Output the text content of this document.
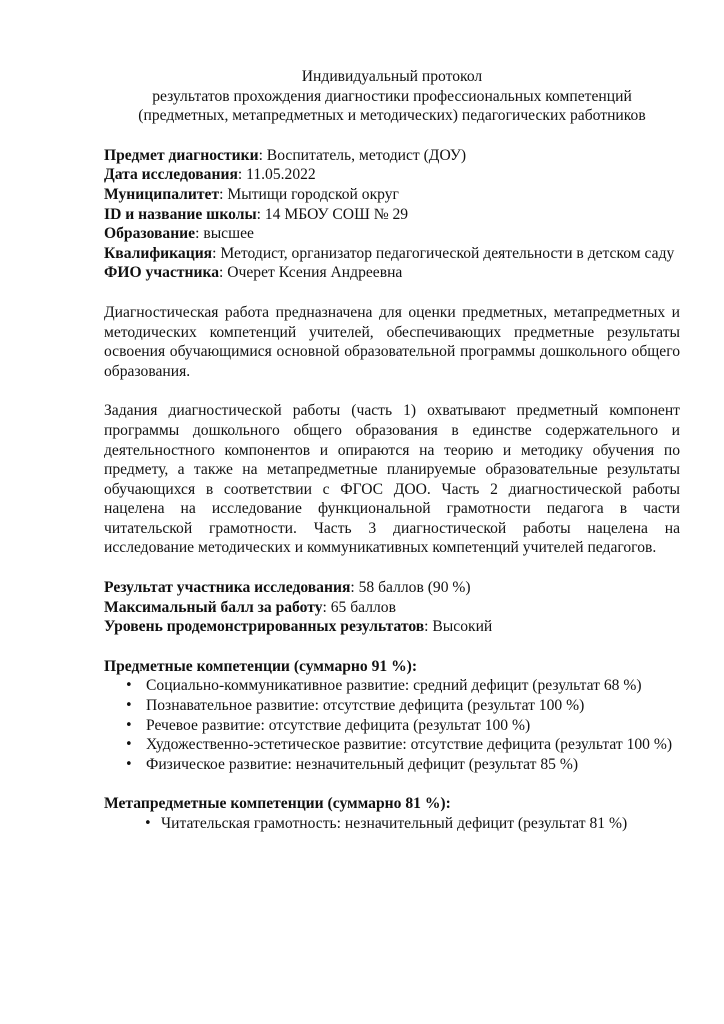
Индивидуальный протокол
результатов прохождения диагностики профессиональных компетенций
(предметных, метапредметных и методических) педагогических работников
Предмет диагностики: Воспитатель, методист (ДОУ)
Дата исследования: 11.05.2022
Муниципалитет: Мытищи городской округ
ID и название школы: 14 МБОУ СОШ № 29
Образование: высшее
Квалификация: Методист, организатор педагогической деятельности в детском саду
ФИО участника: Очерет Ксения Андреевна

Диагностическая работа предназначена для оценки предметных, метапредметных и методических компетенций учителей, обеспечивающих предметные результаты освоения обучающимися основной образовательной программы дошкольного общего образования.

Задания диагностической работы (часть 1) охватывают предметный компонент программы дошкольного общего образования в единстве содержательного и деятельностного компонентов и опираются на теорию и методику обучения по предмету, а также на метапредметные планируемые образовательные результаты обучающихся в соответствии с ФГОС ДОО. Часть 2 диагностической работы нацелена на исследование функциональной грамотности педагога в части читательской грамотности. Часть 3 диагностической работы нацелена на исследование методических и коммуникативных компетенций учителей педагогов.

Результат участника исследования: 58 баллов (90 %)
Максимальный балл за работу: 65 баллов
Уровень продемонстрированных результатов: Высокий
Предметные компетенции (суммарно 91 %):
• Социально-коммуникативное развитие: средний дефицит (результат 68 %)
• Познавательное развитие: отсутствие дефицита (результат 100 %)
• Речевое развитие: отсутствие дефицита (результат 100 %)
• Художественно-эстетическое развитие: отсутствие дефицита (результат 100 %)
• Физическое развитие: незначительный дефицит (результат 85 %)
Метапредметные компетенции (суммарно 81 %):
• Читательская грамотность: незначительный дефицит (результат 81 %)
